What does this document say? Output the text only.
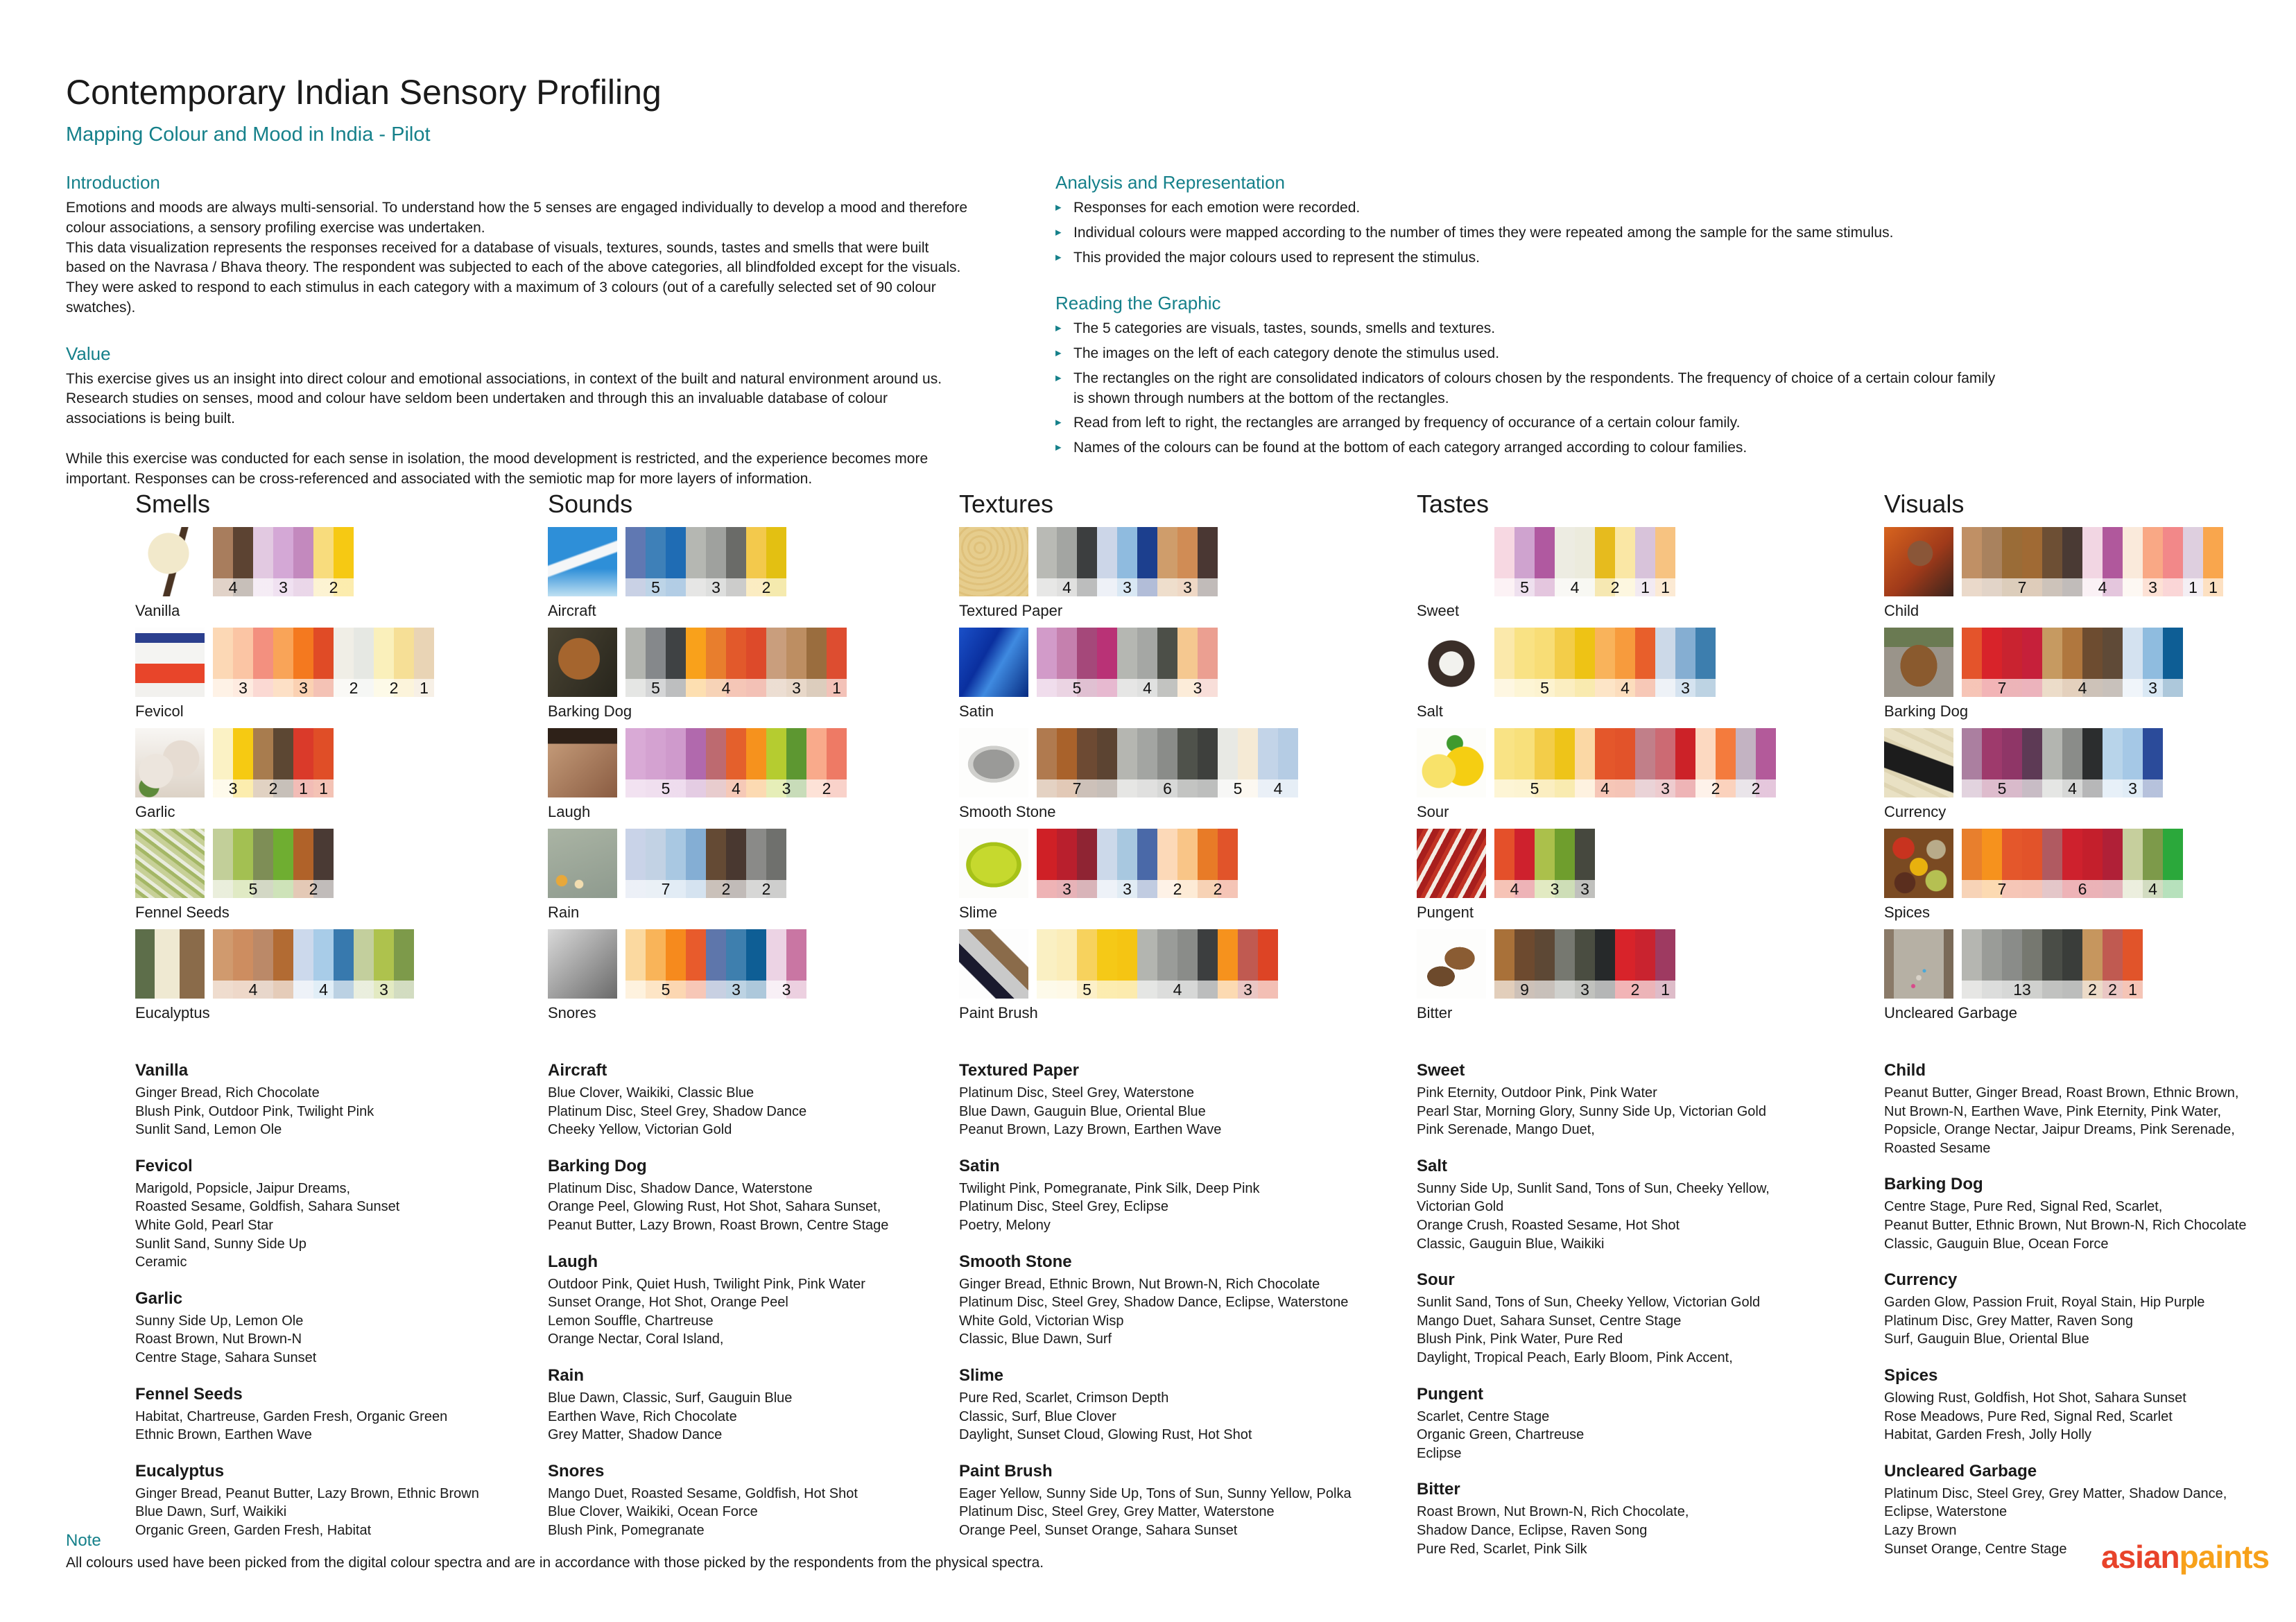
Contemporary Indian Sensory Profiling
Mapping Colour and Mood in India - Pilot
Introduction

Emotions and moods are always multi-sensorial. To understand how the 5 senses are engaged individually to develop a mood and therefore colour associations, a sensory profiling exercise was undertaken.

This data visualization represents the responses received for a database of visuals, textures, sounds, tastes and smells that were built based on the Navrasa / Bhava theory. The respondent was subjected to each of the above categories, all blindfolded except for the visuals. They were asked to respond to each stimulus in each category with a maximum of 3 colours (out of a carefully selected set of 90 colour swatches).

Value

This exercise gives us an insight into direct colour and emotional associations, in context of the built and natural environment around us. Research studies on senses, mood and colour have seldom been undertaken and through this an invaluable database of colour associations is being built.

While this exercise was conducted for each sense in isolation, the mood development is restricted, and the experience becomes more important. Responses can be cross-referenced and associated with the semiotic map for more layers of information.

Analysis and Representation
▸ Responses for each emotion were recorded.
▸ Individual colours were mapped according to the number of times they were repeated among the sample for the same stimulus.
▸ This provided the major colours used to represent the stimulus.
Reading the Graphic
▸ The 5 categories are visuals, tastes, sounds, smells and textures.
▸ The images on the left of each category denote the stimulus used.
▸ The rectangles on the right are consolidated indicators of colours chosen by the respondents. The frequency of choice of a certain colour family is shown through numbers at the bottom of the rectangles.
▸ Read from left to right, the rectangles are arranged by frequency of occurance of a certain colour family.
▸ Names of the colours can be found at the bottom of each category arranged according to colour families.
Smells
4	3	2
Vanilla
3	3	2	2	1
Fevicol
3	2	1 1
Garlic
5	2
Fennel Seeds
4	4	3
Eucalyptus
Vanilla
Ginger Bread, Rich Chocolate
Blush Pink, Outdoor Pink, Twilight Pink
Sunlit Sand, Lemon Ole
Fevicol
Marigold, Popsicle, Jaipur Dreams,
Roasted Sesame, Goldfish, Sahara Sunset
White Gold, Pearl Star
Sunlit Sand, Sunny Side Up
Ceramic
Garlic
Sunny Side Up, Lemon Ole
Roast Brown, Nut Brown-N
Centre Stage, Sahara Sunset
Fennel Seeds
Habitat, Chartreuse, Garden Fresh, Organic Green
Ethnic Brown, Earthen Wave
Eucalyptus
Ginger Bread, Peanut Butter, Lazy Brown, Ethnic Brown
Blue Dawn, Surf, Waikiki
Organic Green, Garden Fresh, Habitat
Sounds
5	3	2
Aircraft
5	4	3	1
Barking Dog
5	4	3	2
Laugh
7	2	2
Rain
5	3	3
Snores
Aircraft
Blue Clover, Waikiki, Classic Blue
Platinum Disc, Steel Grey, Shadow Dance
Cheeky Yellow, Victorian Gold
Barking Dog
Platinum Disc, Shadow Dance, Waterstone
Orange Peel, Glowing Rust, Hot Shot, Sahara Sunset,
Peanut Butter, Lazy Brown, Roast Brown, Centre Stage
Laugh
Outdoor Pink, Quiet Hush, Twilight Pink, Pink Water
Sunset Orange, Hot Shot, Orange Peel
Lemon Souffle, Chartreuse
Orange Nectar, Coral Island,
Rain
Blue Dawn, Classic, Surf, Gauguin Blue
Earthen Wave, Rich Chocolate
Grey Matter, Shadow Dance
Snores
Mango Duet, Roasted Sesame, Goldfish, Hot Shot
Blue Clover, Waikiki, Ocean Force
Blush Pink, Pomegranate
Textures
4	3	3
Textured Paper
5	4	3
Satin
7	6	5	4
Smooth Stone
3	3	2	2
Slime
5	4	3
Paint Brush
Textured Paper
Platinum Disc, Steel Grey, Waterstone
Blue Dawn, Gauguin Blue, Oriental Blue
Peanut Brown, Lazy Brown, Earthen Wave
Satin
Twilight Pink, Pomegranate, Pink Silk, Deep Pink
Platinum Disc, Steel Grey, Eclipse
Poetry, Melony
Smooth Stone
Ginger Bread, Ethnic Brown, Nut Brown-N, Rich Chocolate
Platinum Disc, Steel Grey, Shadow Dance, Eclipse, Waterstone
White Gold, Victorian Wisp
Classic, Blue Dawn, Surf
Slime
Pure Red, Scarlet, Crimson Depth
Classic, Surf, Blue Clover
Daylight, Sunset Cloud, Glowing Rust, Hot Shot
Paint Brush
Eager Yellow, Sunny Side Up, Tons of Sun, Sunny Yellow, Polka
Platinum Disc, Steel Grey, Grey Matter, Waterstone
Orange Peel, Sunset Orange, Sahara Sunset
Tastes
5	4	2	1 1
Sweet
5	4	3
Salt
5	4	3	2	2
Sour
4	3	3
Pungent
9	3	2	1
Bitter
Sweet
Pink Eternity, Outdoor Pink, Pink Water
Pearl Star, Morning Glory, Sunny Side Up, Victorian Gold
Pink Serenade, Mango Duet,
Salt
Sunny Side Up, Sunlit Sand, Tons of Sun, Cheeky Yellow, Victorian Gold
Orange Crush, Roasted Sesame, Hot Shot
Classic, Gauguin Blue, Waikiki
Sour
Sunlit Sand, Tons of Sun, Cheeky Yellow, Victorian Gold
Mango Duet, Sahara Sunset, Centre Stage
Blush Pink, Pink Water, Pure Red
Daylight, Tropical Peach, Early Bloom, Pink Accent,
Pungent
Scarlet, Centre Stage
Organic Green, Chartreuse
Eclipse
Bitter
Roast Brown, Nut Brown-N, Rich Chocolate,
Shadow Dance, Eclipse, Raven Song
Pure Red, Scarlet, Pink Silk
Visuals
7	4	3	1 1
Child
7	4	3
Barking Dog
5	4	3
Currency
7	6	4
Spices
13	2 2 1
Uncleared Garbage
Child
Peanut Butter, Ginger Bread, Roast Brown, Ethnic Brown,
Nut Brown-N, Earthen Wave, Pink Eternity, Pink Water,
Popsicle, Orange Nectar, Jaipur Dreams, Pink Serenade,
Roasted Sesame
Barking Dog
Centre Stage, Pure Red, Signal Red, Scarlet,
Peanut Butter, Ethnic Brown, Nut Brown-N, Rich Chocolate
Classic, Gauguin Blue, Ocean Force
Currency
Garden Glow, Passion Fruit, Royal Stain, Hip Purple
Platinum Disc, Grey Matter, Raven Song
Surf, Gauguin Blue, Oriental Blue
Spices
Glowing Rust, Goldfish, Hot Shot, Sahara Sunset
Rose Meadows, Pure Red, Signal Red, Scarlet
Habitat, Garden Fresh, Jolly Holly
Uncleared Garbage
Platinum Disc, Steel Grey, Grey Matter, Shadow Dance,
Eclipse, Waterstone
Lazy Brown
Sunset Orange, Centre Stage
Note
All colours used have been picked from the digital colour spectra and are in accordance with those picked by the respondents from the physical spectra.	asianpaints
